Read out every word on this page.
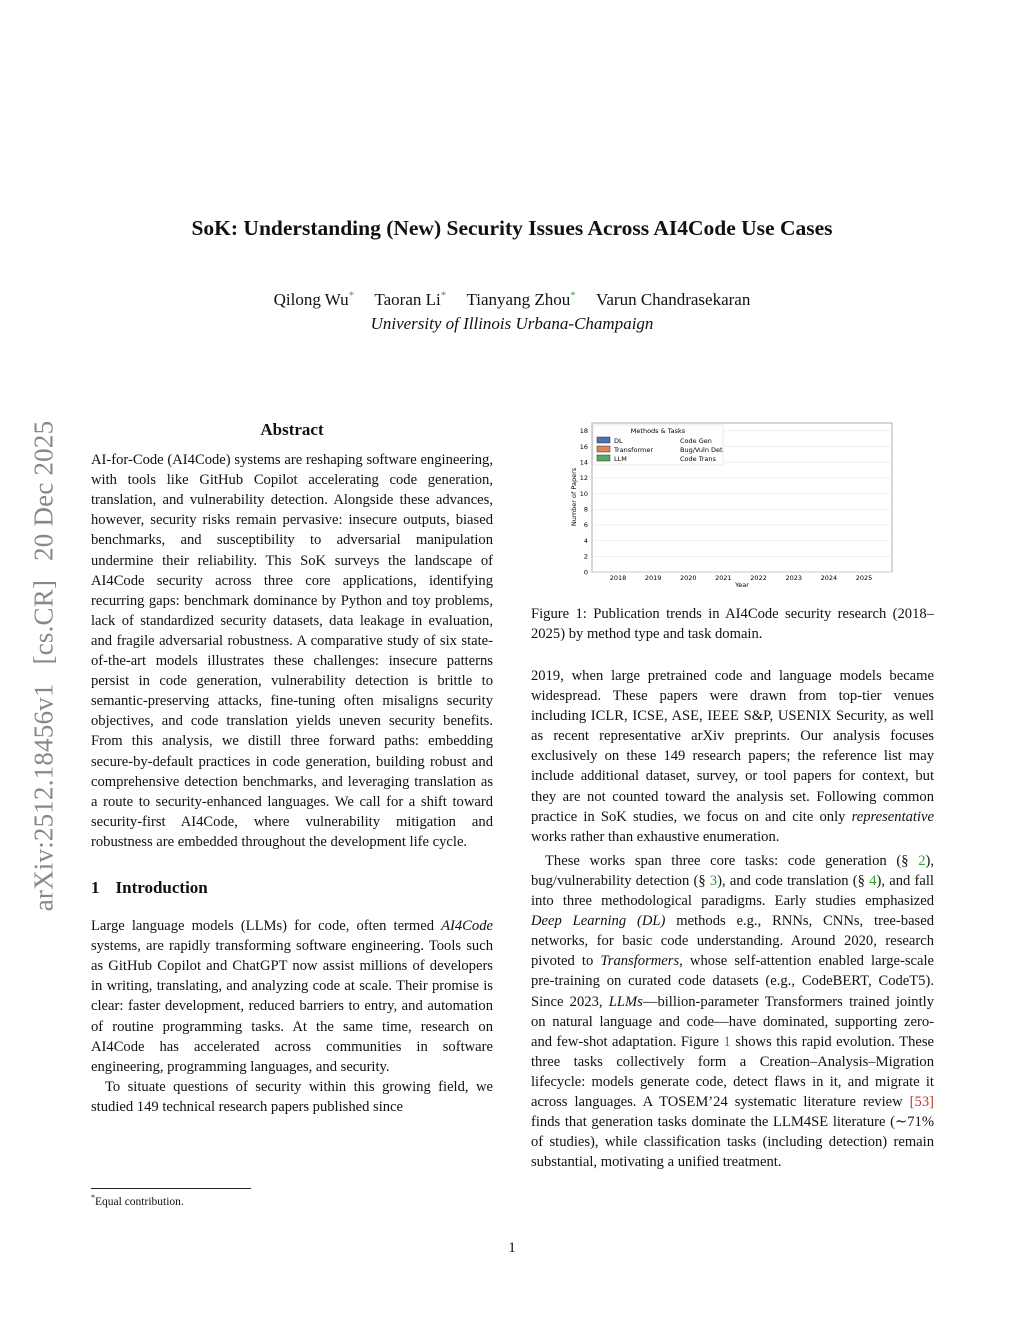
arXiv:2512.18456v1 [cs.CR] 20 Dec 2025
SoK: Understanding (New) Security Issues Across AI4Code Use Cases
Qilong Wu* Taoran Li* Tianyang Zhou* Varun Chandrasekaran
University of Illinois Urbana-Champaign
Abstract

AI-for-Code (AI4Code) systems are reshaping software engineering, with tools like GitHub Copilot accelerating code generation, translation, and vulnerability detection. Alongside these advances, however, security risks remain pervasive: insecure outputs, biased benchmarks, and susceptibility to adversarial manipulation undermine their reliability. This SoK surveys the landscape of AI4Code security across three core applications, identifying recurring gaps: benchmark dominance by Python and toy problems, lack of standardized security datasets, data leakage in evaluation, and fragile adversarial robustness. A comparative study of six state-of-the-art models illustrates these challenges: insecure patterns persist in code generation, vulnerability detection is brittle to semantic-preserving attacks, fine-tuning often misaligns security objectives, and code translation yields uneven security benefits. From this analysis, we distill three forward paths: embedding secure-by-default practices in code generation, building robust and comprehensive detection benchmarks, and leveraging translation as a route to security-enhanced languages. We call for a shift toward security-first AI4Code, where vulnerability mitigation and robustness are embedded throughout the development life cycle.

1 Introduction

Large language models (LLMs) for code, often termed AI4Code systems, are rapidly transforming software engineering. Tools such as GitHub Copilot and ChatGPT now assist millions of developers in writing, translating, and analyzing code at scale. Their promise is clear: faster development, reduced barriers to entry, and automation of routine programming tasks. At the same time, research on AI4Code has accelerated across communities in software engineering, programming languages, and security.

To situate questions of security within this growing field, we studied 149 technical research papers published since

*Equal contribution.
0
2
4
6
8
10
12
14
16
18
2018	2019	2020	2021	2022	2023	2024	2025
Number of Papers
Year
Methods & Tasks
DL
Transformer
LLM
Code Gen
Bug/Vuln Det
Code Trans
Figure 1: Publication trends in AI4Code security research (2018–2025) by method type and task domain.

2019, when large pretrained code and language models became widespread. These papers were drawn from top-tier venues including ICLR, ICSE, ASE, IEEE S&P, USENIX Security, as well as recent representative arXiv preprints. Our analysis focuses exclusively on these 149 research papers; the reference list may include additional dataset, survey, or tool papers for context, but they are not counted toward the analysis set. Following common practice in SoK studies, we focus on and cite only representative works rather than exhaustive enumeration.

These works span three core tasks: code generation (§ 2), bug/vulnerability detection (§ 3), and code translation (§ 4), and fall into three methodological paradigms. Early studies emphasized Deep Learning (DL) methods e.g., RNNs, CNNs, tree-based networks, for basic code understanding. Around 2020, research pivoted to Transformers, whose self-attention enabled large-scale pre-training on curated code datasets (e.g., CodeBERT, CodeT5). Since 2023, LLMs—billion-parameter Transformers trained jointly on natural language and code—have dominated, supporting zero- and few-shot adaptation. Figure 1 shows this rapid evolution. These three tasks collectively form a Creation–Analysis–Migration lifecycle: models generate code, detect flaws in it, and migrate it across languages. A TOSEM’24 systematic literature review [53] finds that generation tasks dominate the LLM4SE literature (∼71% of studies), while classification tasks (including detection) remain substantial, motivating a unified treatment.

1
